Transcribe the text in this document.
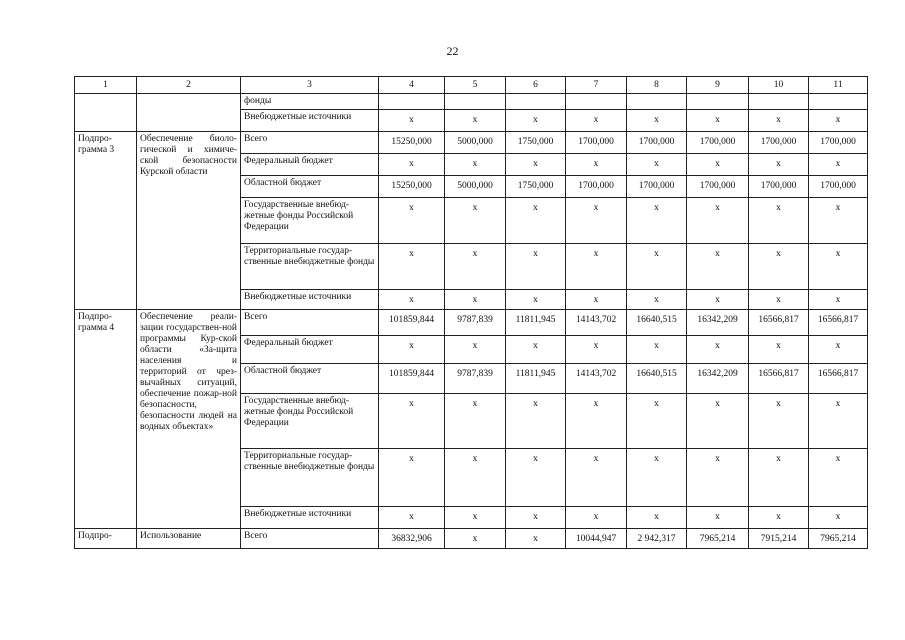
22
1	2	3	4	5	6	7	8	9	10	11
		фонды								
		Внебюджетные источники	x	x	x	x	x	x	x	x
Подпро-грамма 3	Обеспечение биоло-гической и химиче-ской безопасности Курской области	Всего	15250,000	5000,000	1750,000	1700,000	1700,000	1700,000	1700,000	1700,000
		Федеральный бюджет	x	x	x	x	x	x	x	x
		Областной бюджет	15250,000	5000,000	1750,000	1700,000	1700,000	1700,000	1700,000	1700,000
		Государственные внебюд-жетные фонды Российской Федерации	x	x	x	x	x	x	x	x
		Территориальные государ-ственные внебюджетные фонды	x	x	x	x	x	x	x	x
		Внебюджетные источники	x	x	x	x	x	x	x	x
Подпро-грамма 4	Обеспечение реали-зации государствен-ной программы Кур-ской области «За-щита населения и территорий от чрез-вычайных ситуаций, обеспечение пожар-ной безопасности, безопасности людей на водных объектах»	Всего	101859,844	9787,839	11811,945	14143,702	16640,515	16342,209	16566,817	16566,817
		Федеральный бюджет	x	x	x	x	x	x	x	x
		Областной бюджет	101859,844	9787,839	11811,945	14143,702	16640,515	16342,209	16566,817	16566,817
		Государственные внебюд-жетные фонды Российской Федерации	x	x	x	x	x	x	x	x
		Территориальные государ-ственные внебюджетные фонды	x	x	x	x	x	x	x	x
		Внебюджетные источники	x	x	x	x	x	x	x	x
Подпро-	Использование	Всего	36832,906	x	x	10044,947	2 942,317	7965,214	7915,214	7965,214
